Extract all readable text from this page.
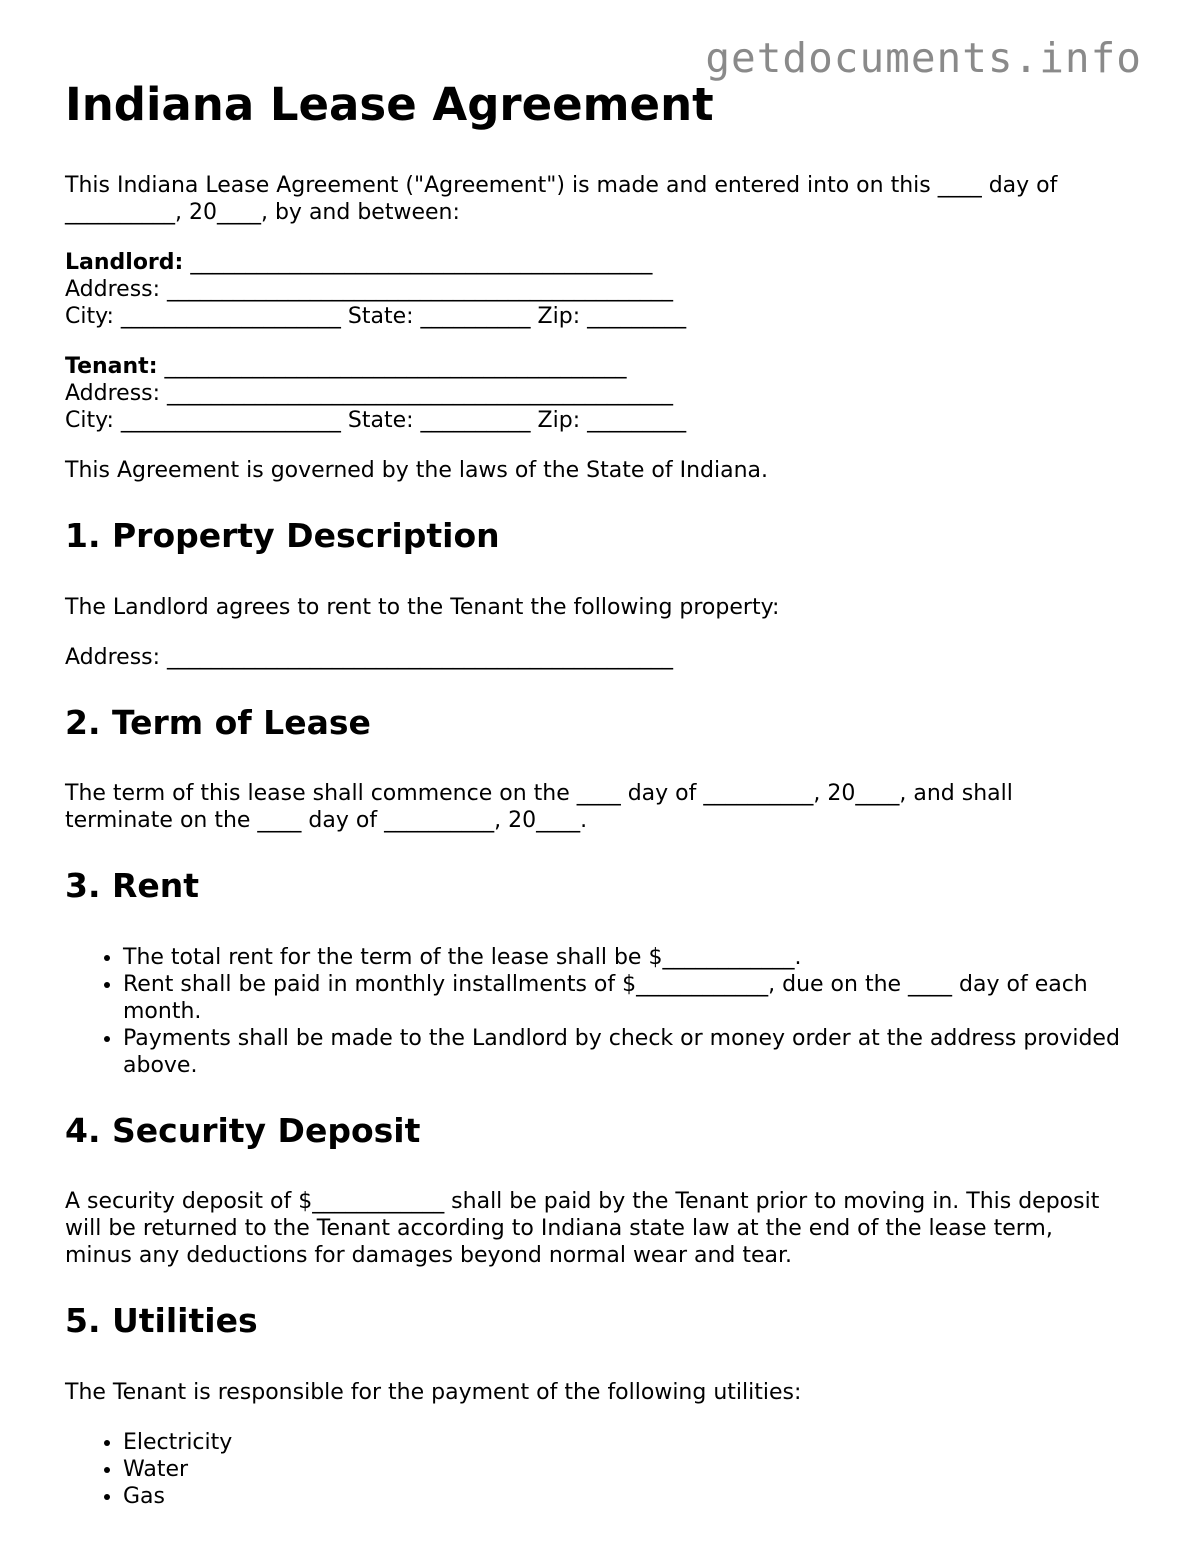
getdocuments.info
Indiana Lease Agreement

This Indiana Lease Agreement ("Agreement") is made and entered into on this ____ day of __________, 20____, by and between:

Landlord: __________________________________________
Address: ______________________________________________
City: ____________________ State: __________ Zip: _________
Tenant: __________________________________________
Address: ______________________________________________
City: ____________________ State: __________ Zip: _________

This Agreement is governed by the laws of the State of Indiana.

1. Property Description

The Landlord agrees to rent to the Tenant the following property:

Address: ______________________________________________

2. Term of Lease

The term of this lease shall commence on the ____ day of __________, 20____, and shall terminate on the ____ day of __________, 20____.

3. Rent
• The total rent for the term of the lease shall be $____________.
• Rent shall be paid in monthly installments of $____________, due on the ____ day of each month.
• Payments shall be made to the Landlord by check or money order at the address provided above.
4. Security Deposit

A security deposit of $____________ shall be paid by the Tenant prior to moving in. This deposit will be returned to the Tenant according to Indiana state law at the end of the lease term, minus any deductions for damages beyond normal wear and tear.

5. Utilities

The Tenant is responsible for the payment of the following utilities:

• Electricity
• Water
• Gas
